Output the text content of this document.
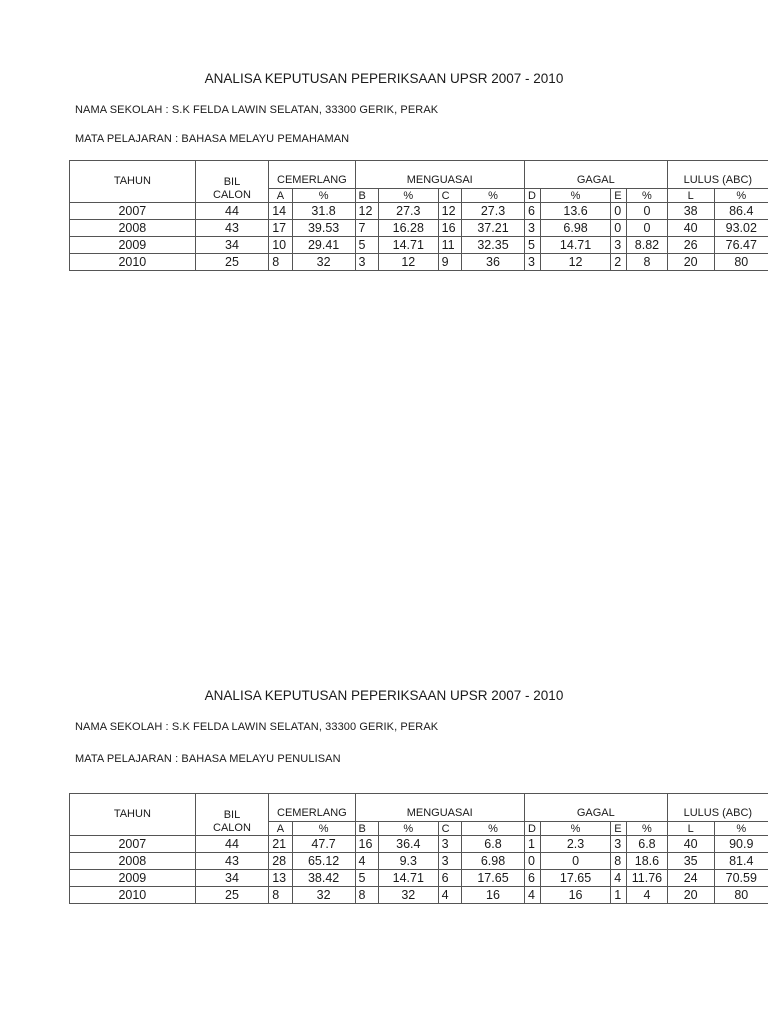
ANALISA KEPUTUSAN PEPERIKSAAN UPSR 2007 - 2010
NAMA SEKOLAH : S.K FELDA LAWIN SELATAN, 33300 GERIK, PERAK
MATA PELAJARAN : BAHASA MELAYU PEMAHAMAN
TAHUN	BIL	CEMERLANG		MENGUASAI				GAGAL				LULUS (ABC)	
	CALON	A	%	B	%	C	%	D	%	E	%	L	%
2007	44	14	31.8	12	27.3	12	27.3	6	13.6	0	0	38	86.4
2008	43	17	39.53	7	16.28	16	37.21	3	6.98	0	0	40	93.02
2009	34	10	29.41	5	14.71	11	32.35	5	14.71	3	8.82	26	76.47
2010	25	8	32	3	12	9	36	3	12	2	8	20	80
ANALISA KEPUTUSAN PEPERIKSAAN UPSR 2007 - 2010
NAMA SEKOLAH : S.K FELDA LAWIN SELATAN, 33300 GERIK, PERAK
MATA PELAJARAN : BAHASA MELAYU PENULISAN
TAHUN	BIL	CEMERLANG		MENGUASAI				GAGAL				LULUS (ABC)	
	CALON	A	%	B	%	C	%	D	%	E	%	L	%
2007	44	21	47.7	16	36.4	3	6.8	1	2.3	3	6.8	40	90.9
2008	43	28	65.12	4	9.3	3	6.98	0	0	8	18.6	35	81.4
2009	34	13	38.42	5	14.71	6	17.65	6	17.65	4	11.76	24	70.59
2010	25	8	32	8	32	4	16	4	16	1	4	20	80
